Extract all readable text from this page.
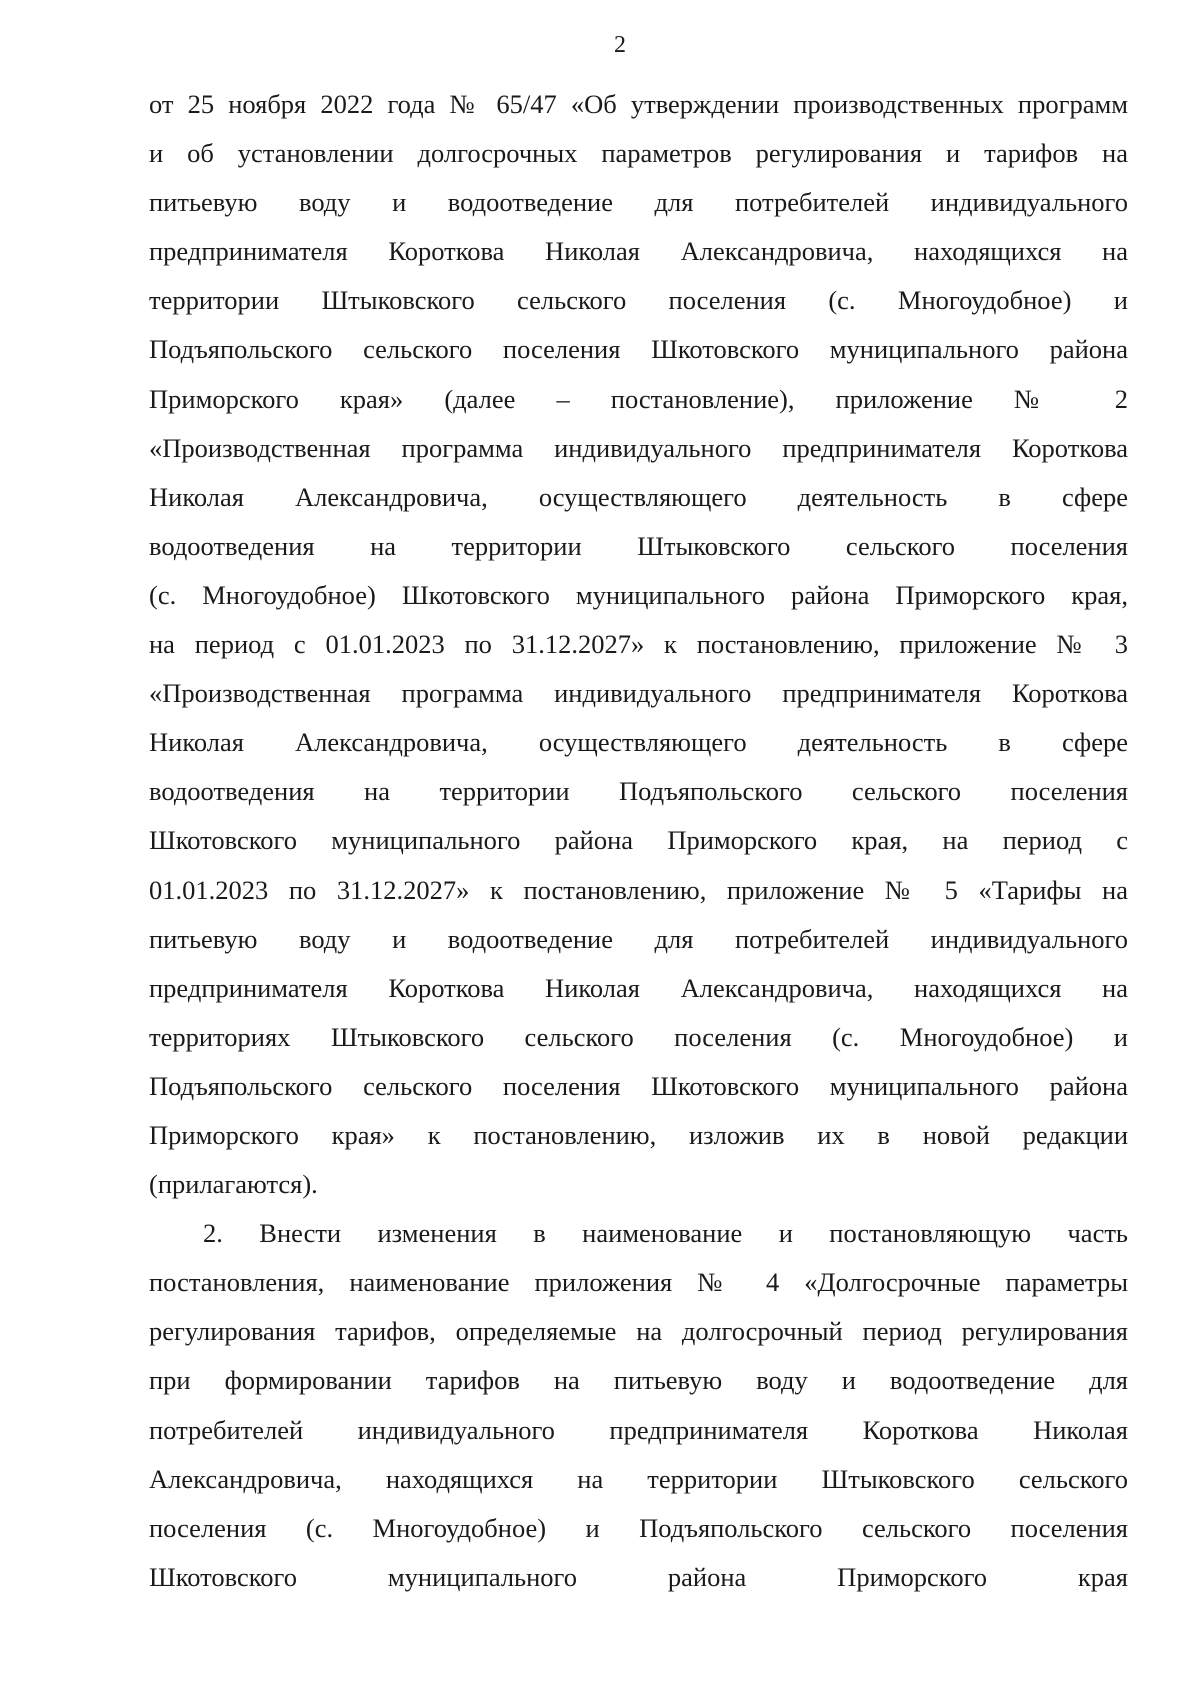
2
от 25 ноября 2022 года № 65/47 «Об утверждении производственных программ
и об установлении долгосрочных параметров регулирования и тарифов на
питьевую воду и водоотведение для потребителей индивидуального
предпринимателя Короткова Николая Александровича, находящихся на
территории Штыковского сельского поселения (с. Многоудобное) и
Подъяпольского сельского поселения Шкотовского муниципального района
Приморского края» (далее – постановление), приложение № 2
«Производственная программа индивидуального предпринимателя Короткова
Николая Александровича, осуществляющего деятельность в сфере
водоотведения на территории Штыковского сельского поселения
(с. Многоудобное) Шкотовского муниципального района Приморского края,
на период с 01.01.2023 по 31.12.2027» к постановлению, приложение № 3
«Производственная программа индивидуального предпринимателя Короткова
Николая Александровича, осуществляющего деятельность в сфере
водоотведения на территории Подъяпольского сельского поселения
Шкотовского муниципального района Приморского края, на период с
01.01.2023 по 31.12.2027» к постановлению, приложение № 5 «Тарифы на
питьевую воду и водоотведение для потребителей индивидуального
предпринимателя Короткова Николая Александровича, находящихся на
территориях Штыковского сельского поселения (с. Многоудобное) и
Подъяпольского сельского поселения Шкотовского муниципального района
Приморского края» к постановлению, изложив их в новой редакции
(прилагаются).
2. Внести изменения в наименование и постановляющую часть
постановления, наименование приложения № 4 «Долгосрочные параметры
регулирования тарифов, определяемые на долгосрочный период регулирования
при формировании тарифов на питьевую воду и водоотведение для
потребителей индивидуального предпринимателя Короткова Николая
Александровича, находящихся на территории Штыковского сельского
поселения (с. Многоудобное) и Подъяпольского сельского поселения
Шкотовского муниципального района Приморского края
